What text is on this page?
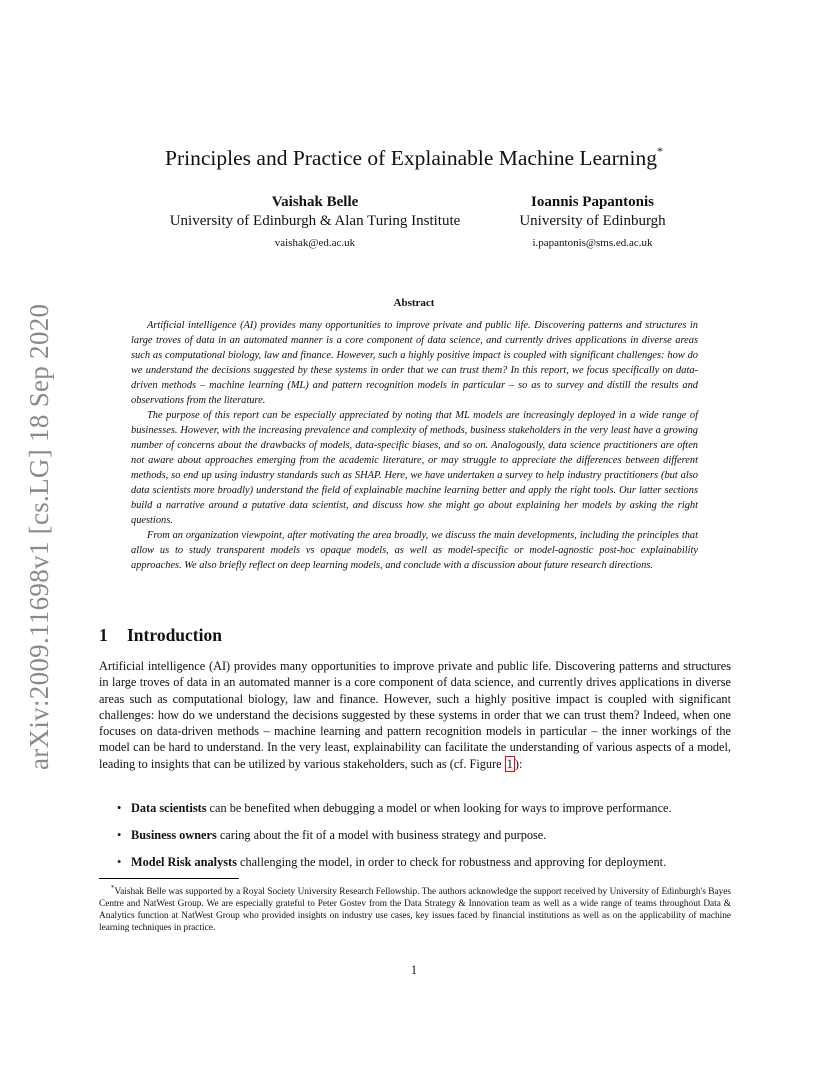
arXiv:2009.11698v1 [cs.LG] 18 Sep 2020
Principles and Practice of Explainable Machine Learning*
Vaishak Belle
University of Edinburgh & Alan Turing Institute
vaishak@ed.ac.uk
Ioannis Papantonis
University of Edinburgh
i.papantonis@sms.ed.ac.uk
Abstract

Artificial intelligence (AI) provides many opportunities to improve private and public life. Discovering patterns and structures in large troves of data in an automated manner is a core component of data science, and currently drives applications in diverse areas such as computational biology, law and finance. However, such a highly positive impact is coupled with significant challenges: how do we understand the decisions suggested by these systems in order that we can trust them? In this report, we focus specifically on data-driven methods – machine learning (ML) and pattern recognition models in particular – so as to survey and distill the results and observations from the literature.

The purpose of this report can be especially appreciated by noting that ML models are increasingly deployed in a wide range of businesses. However, with the increasing prevalence and complexity of methods, business stakeholders in the very least have a growing number of concerns about the drawbacks of models, data-specific biases, and so on. Analogously, data science practitioners are often not aware about approaches emerging from the academic literature, or may struggle to appreciate the differences between different methods, so end up using industry standards such as SHAP. Here, we have undertaken a survey to help industry practitioners (but also data scientists more broadly) understand the field of explainable machine learning better and apply the right tools. Our latter sections build a narrative around a putative data scientist, and discuss how she might go about explaining her models by asking the right questions.

From an organization viewpoint, after motivating the area broadly, we discuss the main developments, including the principles that allow us to study transparent models vs opaque models, as well as model-specific or model-agnostic post-hoc explainability approaches. We also briefly reflect on deep learning models, and conclude with a discussion about future research directions.

1 Introduction

Artificial intelligence (AI) provides many opportunities to improve private and public life. Discovering patterns and structures in large troves of data in an automated manner is a core component of data science, and currently drives applications in diverse areas such as computational biology, law and finance. However, such a highly positive impact is coupled with significant challenges: how do we understand the decisions suggested by these systems in order that we can trust them? Indeed, when one focuses on data-driven methods – machine learning and pattern recognition models in particular – the inner workings of the model can be hard to understand. In the very least, explainability can facilitate the understanding of various aspects of a model, leading to insights that can be utilized by various stakeholders, such as (cf. Figure 1 ):

• Data scientists can be benefited when debugging a model or when looking for ways to improve performance.
• Business owners caring about the fit of a model with business strategy and purpose.
• Model Risk analysts challenging the model, in order to check for robustness and approving for deployment.

*Vaishak Belle was supported by a Royal Society University Research Fellowship. The authors acknowledge the support received by University of Edinburgh's Bayes Centre and NatWest Group. We are especially grateful to Peter Gostev from the Data Strategy & Innovation team as well as a wide range of teams throughout Data & Analytics function at NatWest Group who provided insights on industry use cases, key issues faced by financial institutions as well as on the applicability of machine learning techniques in practice.

1
